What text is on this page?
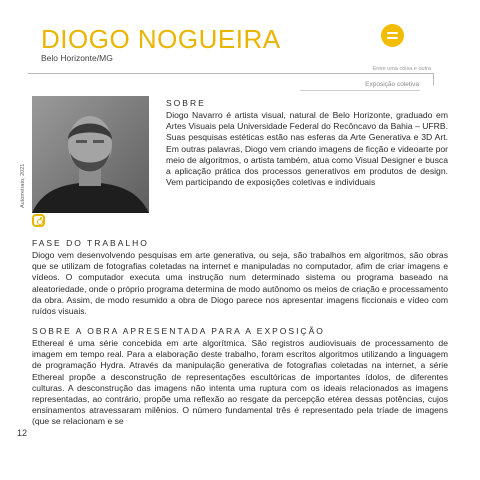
DIOGO NOGUEIRA
Belo Horizonte/MG
Entre uma coisa e outra
Exposição coletiva
Autorretrato, 2021
SOBRE

Diogo Navarro é artista visual, natural de Belo Horizonte, graduado em Artes Visuais pela Universidade Federal do Recôncavo da Bahia – UFRB. Suas pesquisas estéticas estão nas esferas da Arte Generativa e 3D Art. Em outras palavras, Diogo vem criando imagens de ficção e videoarte por meio de algoritmos, o artista também, atua como Visual Designer e busca a aplicação prática dos processos generativos em produtos de design. Vem participando de exposições coletivas e individuais

FASE DO TRABALHO

Diogo vem desenvolvendo pesquisas em arte generativa, ou seja, são trabalhos em algoritmos, são obras que se utilizam de fotografias coletadas na internet e manipuladas no computador, afim de criar imagens e vídeos. O computador executa uma instrução num determinado sistema ou programa baseado na aleatoriedade, onde o próprio programa determina de modo autônomo os meios de criação e processamento da obra. Assim, de modo resumido a obra de Diogo parece nos apresentar imagens ficcionais e vídeo com ruídos visuais.

SOBRE A OBRA APRESENTADA PARA A EXPOSIÇÃO

Ethereal é uma série concebida em arte algorítmica. São registros audiovisuais de processamento de imagem em tempo real. Para a elaboração deste trabalho, foram escritos algoritmos utilizando a linguagem de programação Hydra. Através da manipulação generativa de fotografias coletadas na internet, a série Ethereal propõe a desconstrução de representações escultóricas de importantes ídolos, de diferentes culturas. A desconstrução das imagens não intenta uma ruptura com os ideais relacionados as imagens representadas, ao contrário, propõe uma reflexão ao resgate da percepção etérea dessas potências, cujos ensinamentos atravessaram milênios. O número fundamental três é representado pela tríade de imagens (que se relacionam e se

12
